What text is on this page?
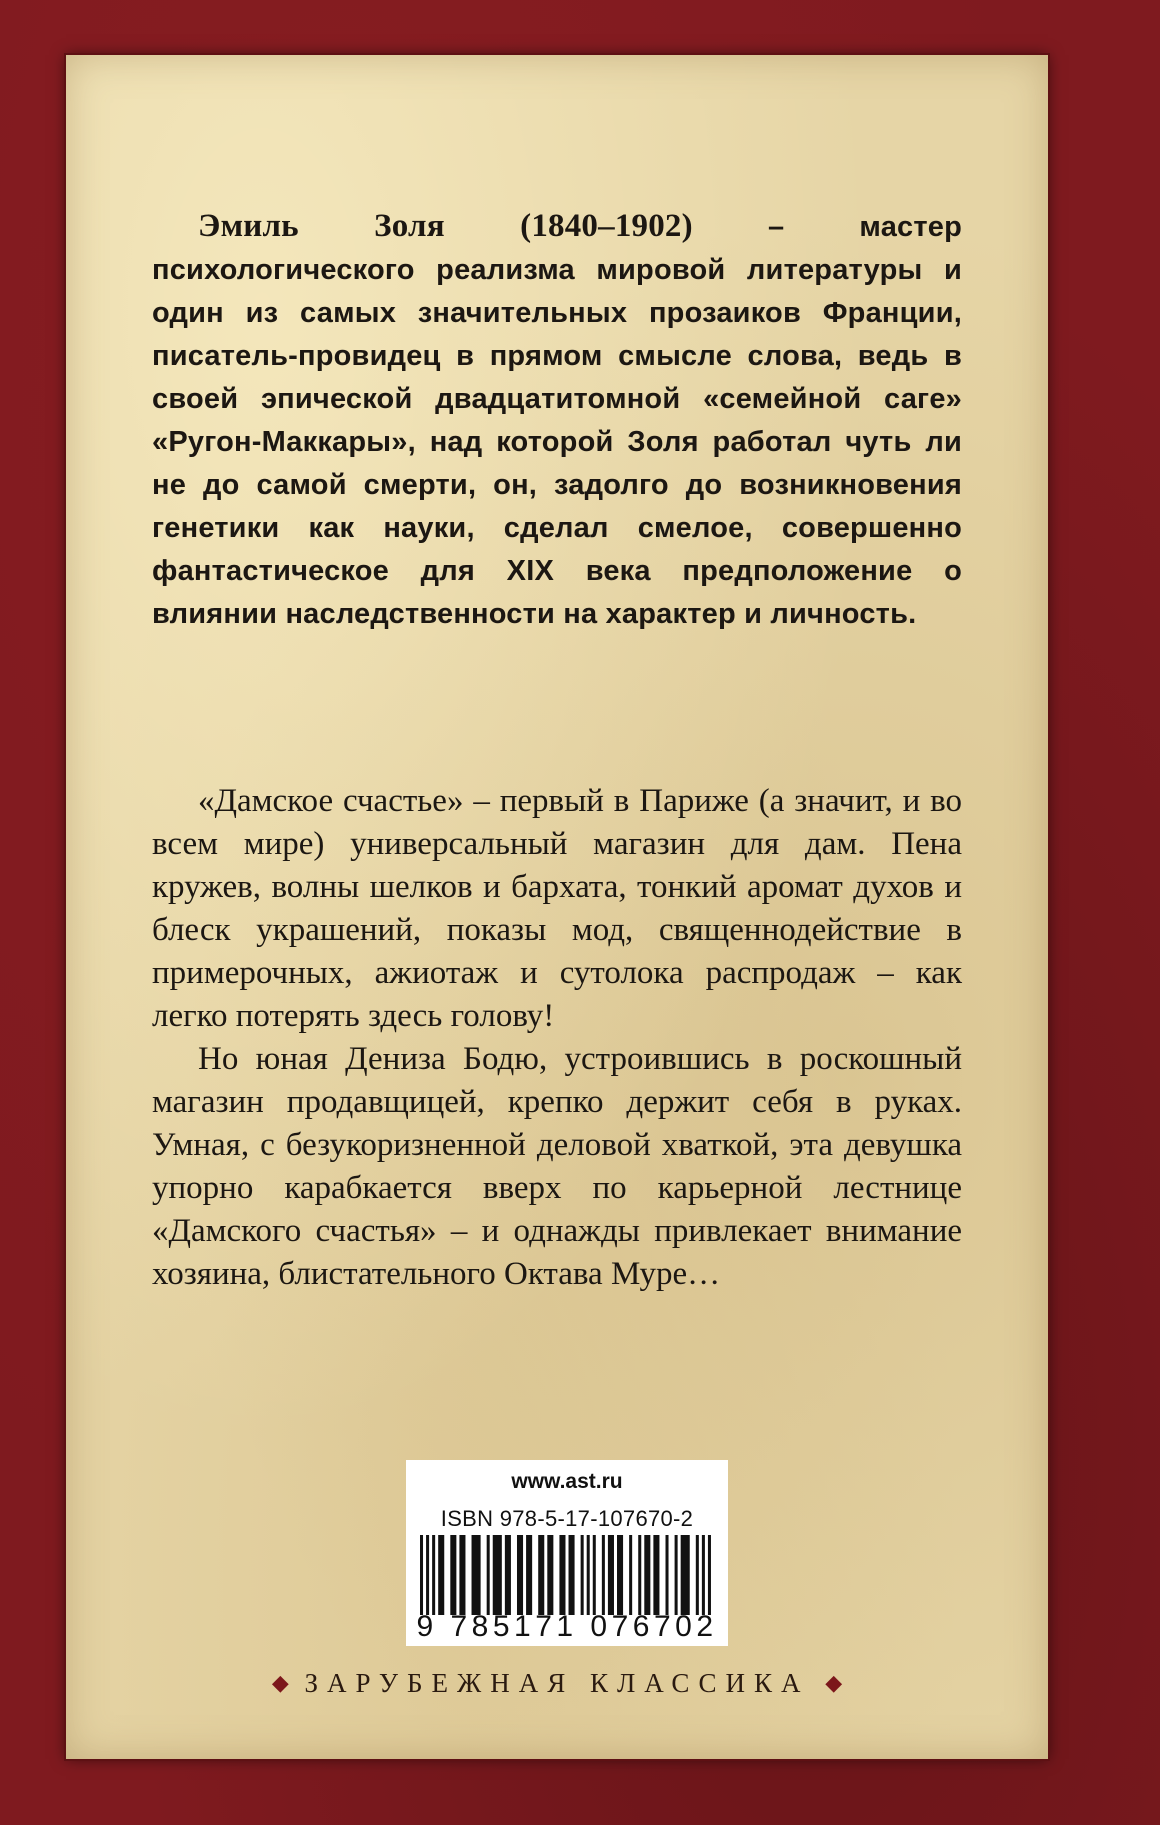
Эмиль Золя (1840–1902) – мастер психологического реализма мировой литературы и один из самых значительных прозаиков Франции, писатель-провидец в прямом смысле слова, ведь в своей эпической двадцатитомной «семейной саге» «Ругон-Маккары», над которой Золя работал чуть ли не до самой смерти, он, задолго до возникновения генетики как науки, сделал смелое, совершенно фантастическое для XIX века предположение о влиянии наследственности на характер и личность.

«Дамское счастье» – первый в Париже (а значит, и во всем мире) универсальный магазин для дам. Пена кружев, волны шелков и бархата, тонкий аромат духов и блеск украшений, показы мод, священнодействие в примерочных, ажиотаж и сутолока распродаж – как легко потерять здесь голову!

Но юная Дениза Бодю, устроившись в роскошный магазин продавщицей, крепко держит себя в руках. Умная, с безукоризненной деловой хваткой, эта девушка упорно карабкается вверх по карьерной лестнице «Дамского счастья» – и однажды привлекает внимание хозяина, блистательного Октава Муре…

www.ast.ru
ISBN 978-5-17-107670-2
9 785171 076702
◆ ЗАРУБЕЖНАЯ КЛАССИКА ◆
